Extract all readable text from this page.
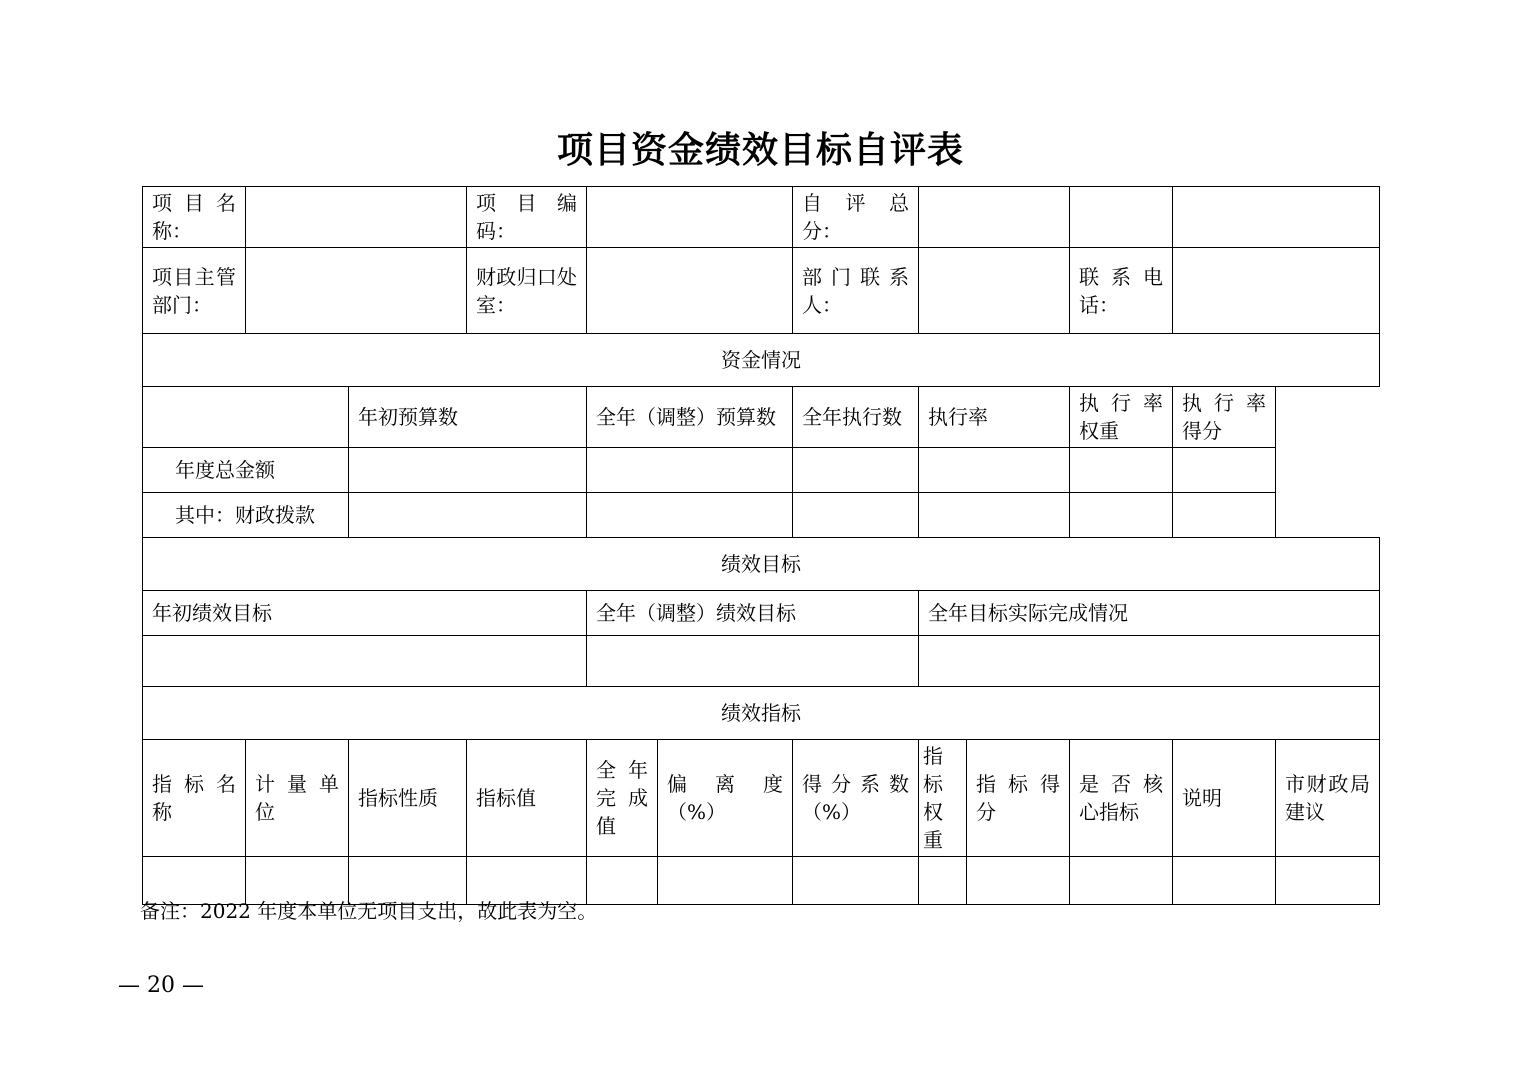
项目资金绩效目标自评表
项 目 名称：			项 目 编码：			自 评 总分：					
项目主管 部门：			财政归口处室：			部门联系人：			联系电话：		
资金情况											
		年初预算数		全年（调整）预算数		全年执行数	执行率		执 行 率权重	执 行 率得分	
年度总金额											
其中：财政拨款											
绩效目标											
年初绩效目标				全年（调整）绩效目标			全年目标实际完成情况				

绩效指标											
指 标 名称	计 量 单位	指标性质	指标值	全 年完 成值	偏 离 度（%）	得分系数（%）	指标权重	指 标 得分	是 否 核心指标	说明	市财政局建议

备注：2022 年度本单位无项目支出，故此表为空。
— 20 —
